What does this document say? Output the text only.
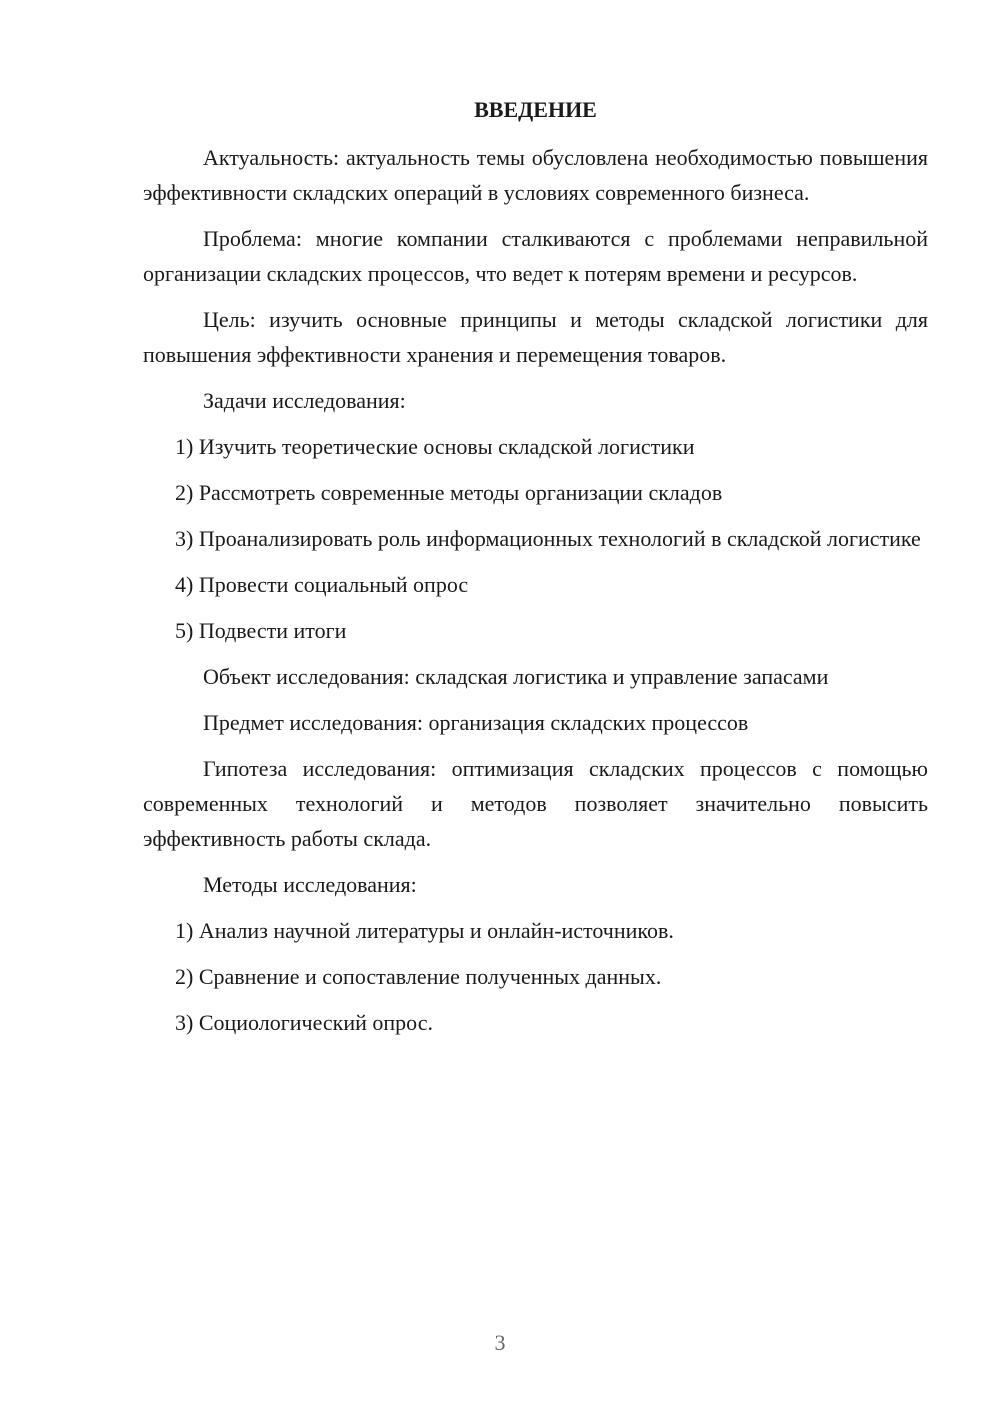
ВВЕДЕНИЕ

Актуальность: актуальность темы обусловлена необходимостью повышения эффективности складских операций в условиях современного бизнеса.

Проблема: многие компании сталкиваются с проблемами неправильной организации складских процессов, что ведет к потерям времени и ресурсов.

Цель: изучить основные принципы и методы складской логистики для повышения эффективности хранения и перемещения товаров.

Задачи исследования:

1) Изучить теоретические основы складской логистики

2) Рассмотреть современные методы организации складов

3) Проанализировать роль информационных технологий в складской логистике

4) Провести социальный опрос

5) Подвести итоги

Объект исследования: складская логистика и управление запасами

Предмет исследования: организация складских процессов

Гипотеза исследования: оптимизация складских процессов с помощью современных технологий и методов позволяет значительно повысить эффективность работы склада.

Методы исследования:

1) Анализ научной литературы и онлайн-источников.

2) Сравнение и сопоставление полученных данных.

3) Социологический опрос.

3
